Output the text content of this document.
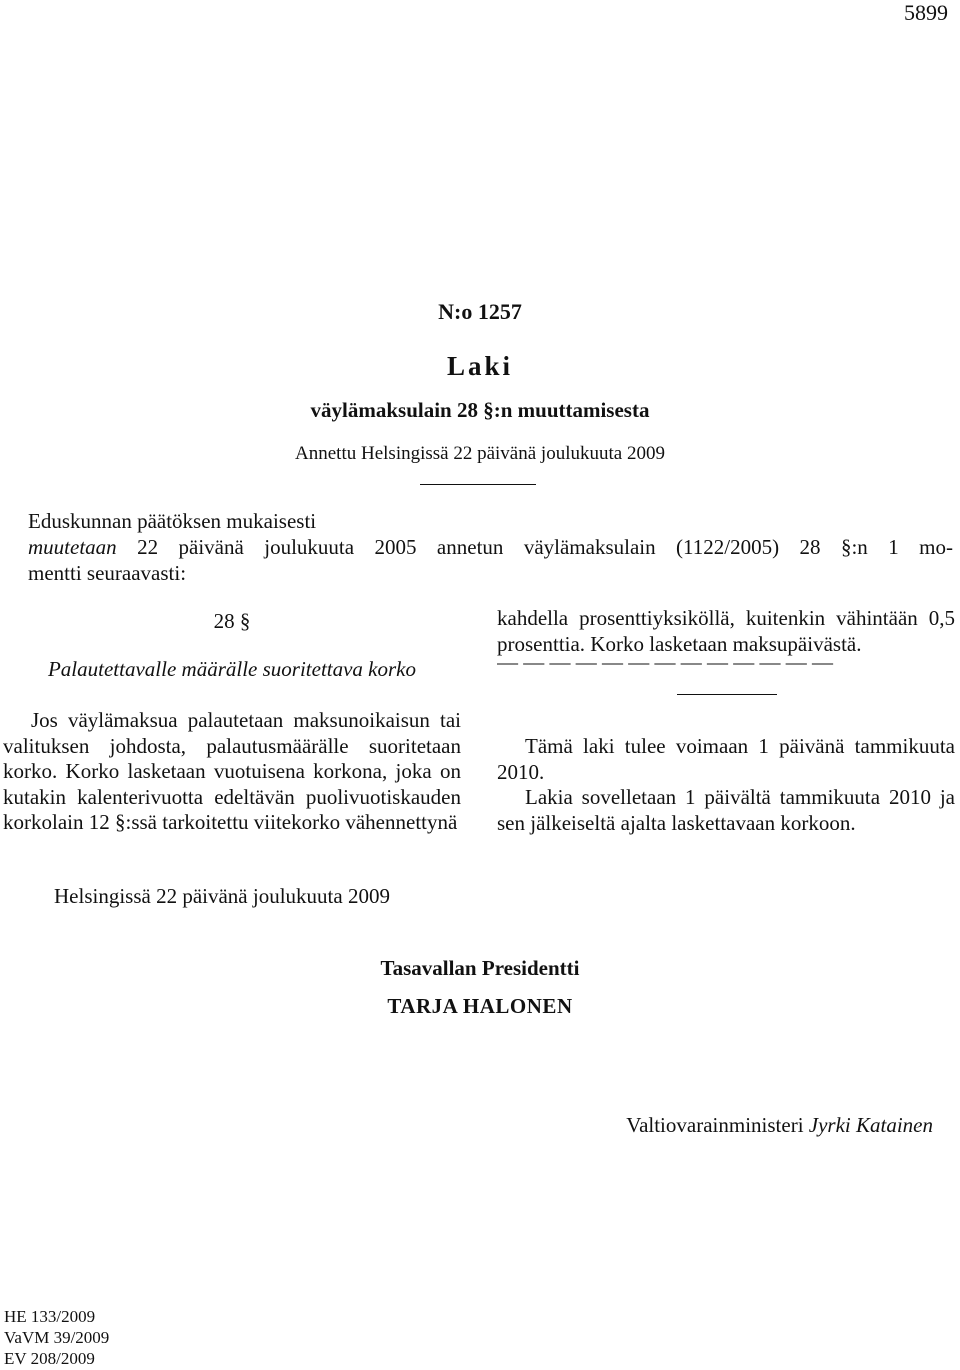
5899
N:o 1257
Laki
väylämaksulain 28 §:n muuttamisesta
Annettu Helsingissä 22 päivänä joulukuuta 2009
Eduskunnan päätöksen mukaisesti
muutetaan 22 päivänä joulukuuta 2005 annetun väylämaksulain (1122/2005) 28 §:n 1 mo-
mentti seuraavasti:
28 §
Palautettavalle määrälle suoritettava korko

Jos väylämaksua palautetaan maksunoikaisun tai valituksen johdosta, palautusmäärälle suoritetaan korko. Korko lasketaan vuotuisena korkona, joka on kutakin kalenterivuotta edeltävän puolivuotiskauden korkolain 12 §:ssä tarkoitettu viitekorko vähennettynä

kahdella prosenttiyksiköllä, kuitenkin vähintään 0,5 prosenttia. Korko lasketaan maksupäivästä.

— — — — — — — — — — — — —

Tämä laki tulee voimaan 1 päivänä tammikuuta 2010.

Lakia sovelletaan 1 päivältä tammikuuta 2010 ja sen jälkeiseltä ajalta laskettavaan korkoon.

Helsingissä 22 päivänä joulukuuta 2009
Tasavallan Presidentti
TARJA HALONEN
Valtiovarainministeri Jyrki Katainen
HE 133/2009
VaVM 39/2009
EV 208/2009
